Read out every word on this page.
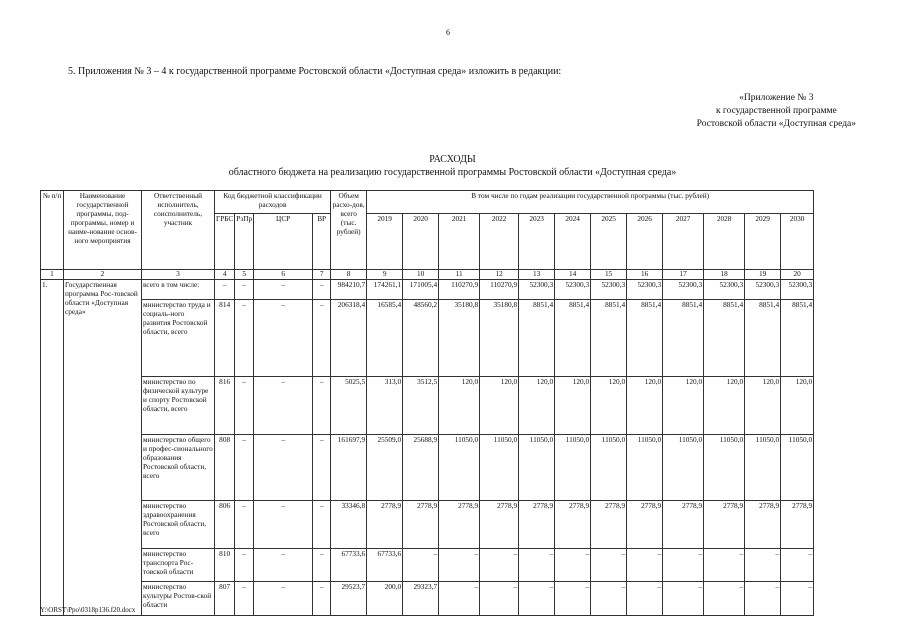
6
5. Приложения № 3 – 4 к государственной программе Ростовской области «Доступная среда» изложить в редакции:
«Приложение № 3
к государственной программе
Ростовской области «Доступная среда»
РАСХОДЫ
областного бюджета на реализацию государственной программы Ростовской области «Доступная среда»
№ п/п	Наименование государственной программы, под-программы, номер и наиме-нование основ-ного мероприятия	Ответственный исполнитель, соисполнитель, участник	Код бюджетной классификации расходов				Объем расхо-дов, всего (тыс. рублей)	В том числе по годам реализации государственной программы (тыс. рублей)											
			ГРБС	РзПр	ЦСР	ВР		2019	2020	2021	2022	2023	2024	2025	2026	2027	2028	2029	2030
1	2	3	4	5	6	7	8	9	10	11	12	13	14	15	16	17	18	19	20
1.	Государственная программа Рос-товской области «Доступная среда»	всего в том числе:	–	–	–	–	984210,7	174261,1	171005,4	110270,9	110270,9	52300,3	52300,3	52300,3	52300,3	52300,3	52300,3	52300,3	52300,3
		министерство труда и социаль-ного развития Ростовской области, всего	814	–	–	–	206318,4	16585,4	48560,2	35180,8	35180,8	8851,4	8851,4	8851,4	8851,4	8851,4	8851,4	8851,4	8851,4
		министерство по физической культуре и спорту Ростовской области, всего	816	–	–	–	5025,5	313,0	3512,5	120,0	120,0	120,0	120,0	120,0	120,0	120,0	120,0	120,0	120,0
		министерство общего и профес-сионального образования Ростовской области, всего	808	–	–	–	161697,9	25509,0	25688,9	11050,0	11050,0	11050,0	11050,0	11050,0	11050,0	11050,0	11050,0	11050,0	11050,0
		министерство здравоохранения Ростовской области, всего	806	–	–	–	33346,8	2778,9	2778,9	2778,9	2778,9	2778,9	2778,9	2778,9	2778,9	2778,9	2778,9	2778,9	2778,9
		министерство транспорта Рос-товской области	810	–	–	–	67733,6	67733,6	–	–	–	–	–	–	–	–	–	–	–
		министерство культуры Ростов-ской области	807	–	–	–	29523,7	200,0	29323,7	–	–	–	–	–	–	–	–	–	–
Y:\ORST\Ppo\0318p136.f20.docx
